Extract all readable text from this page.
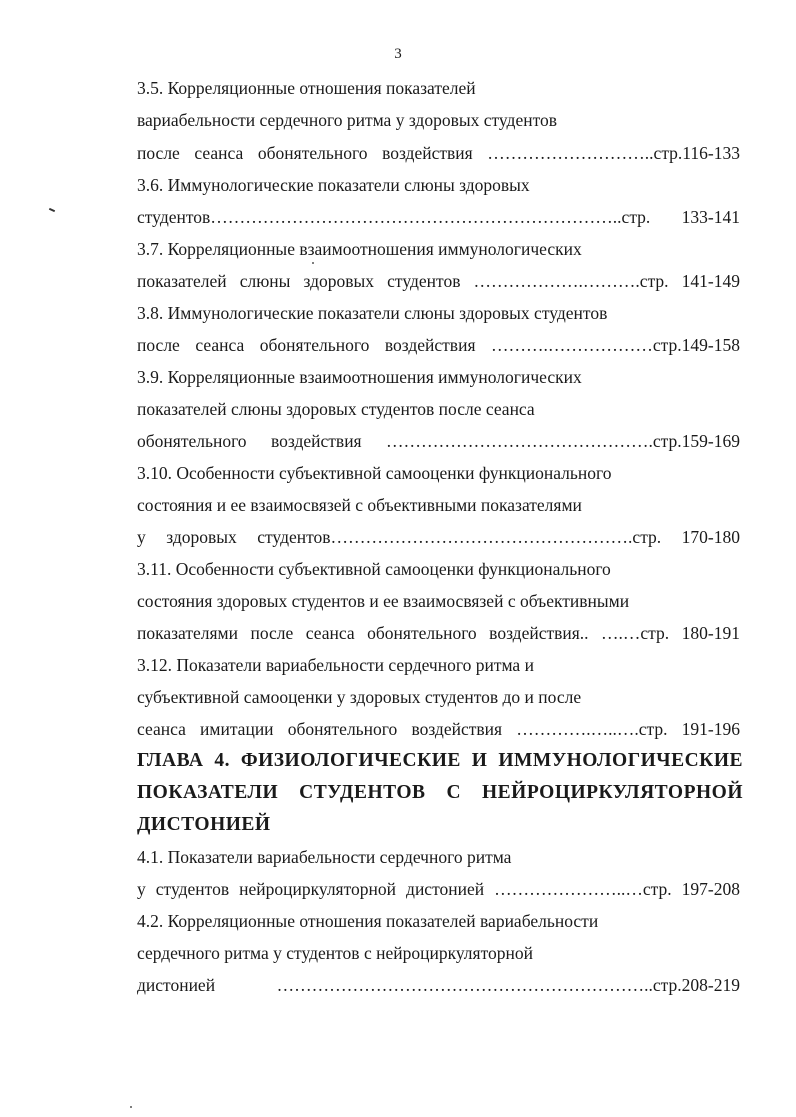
3
3.5. Корреляционные отношения показателей
вариабельности сердечного ритма у здоровых студентов
после сеанса обонятельного воздействия ………………………..стр.116-133
3.6. Иммунологические показатели слюны здоровых
студентов……………………………………………………………..стр. 133-141
3.7. Корреляционные взаимоотношения иммунологических
показателей слюны здоровых студентов ……………….……….стр. 141-149
3.8. Иммунологические показатели слюны здоровых студентов
после сеанса обонятельного воздействия ……….………………стр.149-158
3.9. Корреляционные взаимоотношения иммунологических
показателей слюны здоровых студентов после сеанса
обонятельного воздействия ……………………………………….стр.159-169
3.10. Особенности субъективной самооценки функционального
состояния и ее взаимосвязей с объективными показателями
у здоровых студентов…………………………………………….стр. 170-180
3.11. Особенности субъективной самооценки функционального
состояния здоровых студентов и ее взаимосвязей с объективными
показателями после сеанса обонятельного воздействия.. ….…стр. 180-191
3.12. Показатели вариабельности сердечного ритма и
субъективной самооценки у здоровых студентов до и после
сеанса имитации обонятельного воздействия ………….…..….стр. 191-196
ГЛАВА 4. ФИЗИОЛОГИЧЕСКИЕ И ИММУНОЛОГИЧЕСКИЕ
ПОКАЗАТЕЛИ СТУДЕНТОВ С НЕЙРОЦИРКУЛЯТОРНОЙ
ДИСТОНИЕЙ
4.1. Показатели вариабельности сердечного ритма
у студентов нейроциркуляторной дистонией …………………..…стр. 197-208
4.2. Корреляционные отношения показателей вариабельности
сердечного ритма у студентов с нейроциркуляторной
дистонией ………………………………………………………..стр.208-219
